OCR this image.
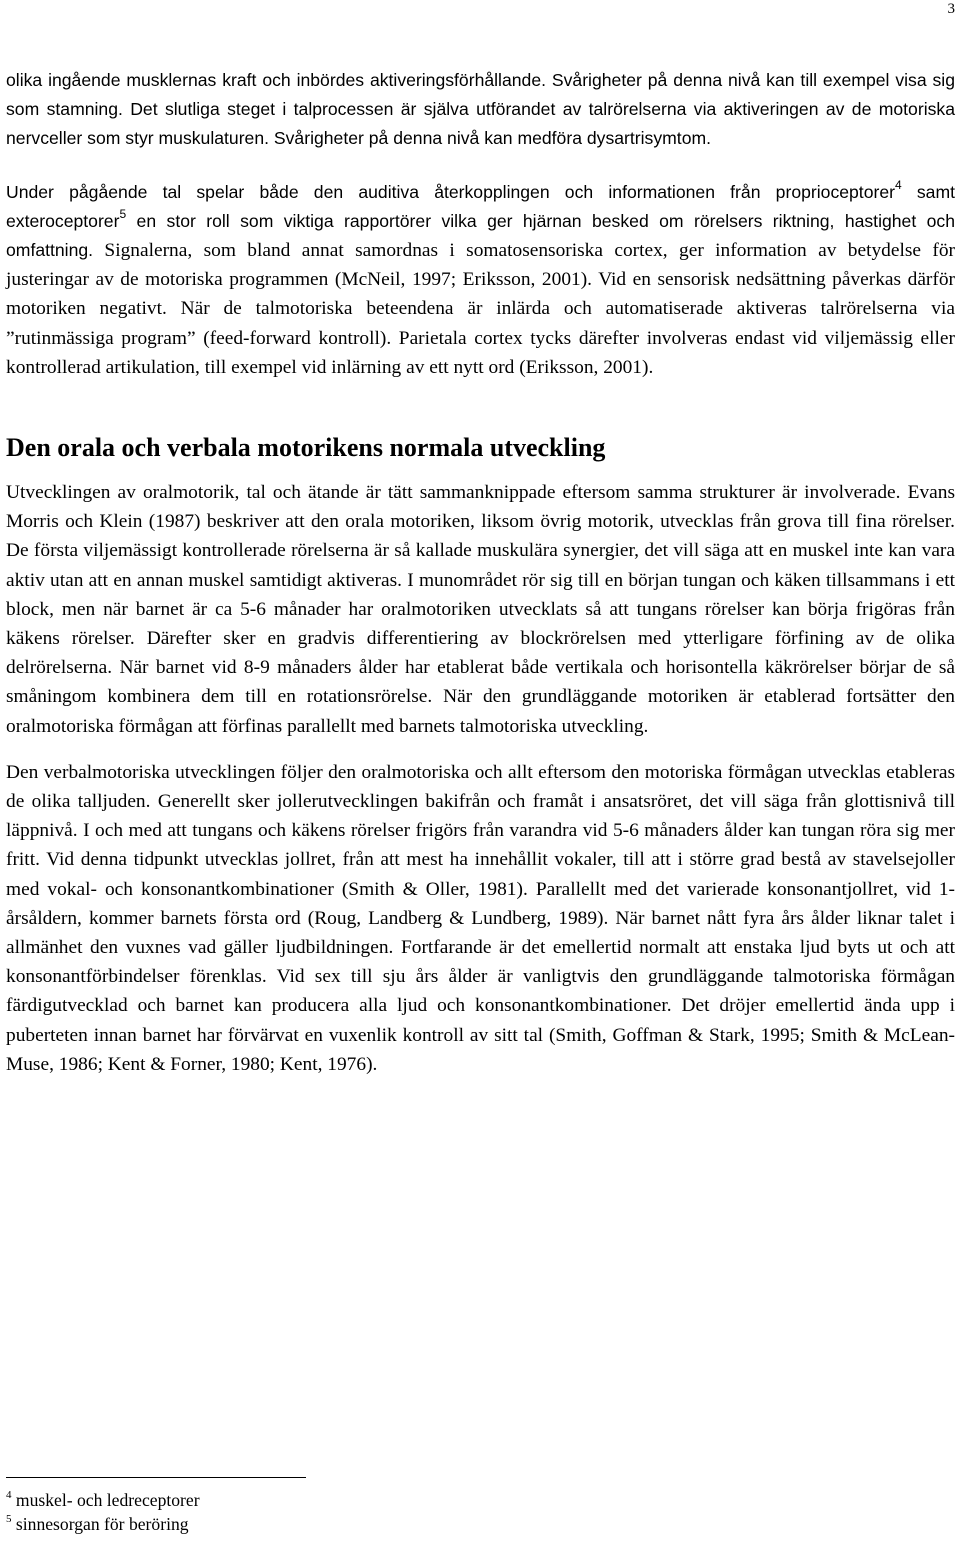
3

olika ingående musklernas kraft och inbördes aktiveringsförhållande. Svårigheter på denna nivå kan till exempel visa sig som stamning. Det slutliga steget i talprocessen är själva utförandet av talrörelserna via aktiveringen av de motoriska nervceller som styr muskulaturen. Svårigheter på denna nivå kan medföra dysartrisymtom.

Under pågående tal spelar både den auditiva återkopplingen och informationen från proprioceptorer$^4$ samt exteroceptorer$^5$ en stor roll som viktiga rapportörer vilka ger hjärnan besked om rörelsers riktning, hastighet och omfattning. Signalerna, som bland annat samordnas i somatosensoriska cortex, ger information av betydelse för justeringar av de motoriska programmen (McNeil, 1997; Eriksson, 2001). Vid en sensorisk nedsättning påverkas därför motoriken negativt. När de talmotoriska beteendena är inlärda och automatiserade aktiveras talrörelserna via ”rutinmässiga program” (feed-forward kontroll). Parietala cortex tycks därefter involveras endast vid viljemässig eller kontrollerad artikulation, till exempel vid inlärning av ett nytt ord (Eriksson, 2001).

Den orala och verbala motorikens normala utveckling

Utvecklingen av oralmotorik, tal och ätande är tätt sammanknippade eftersom samma strukturer är involverade. Evans Morris och Klein (1987) beskriver att den orala motoriken, liksom övrig motorik, utvecklas från grova till fina rörelser. De första viljemässigt kontrollerade rörelserna är så kallade muskulära synergier, det vill säga att en muskel inte kan vara aktiv utan att en annan muskel samtidigt aktiveras. I munområdet rör sig till en början tungan och käken tillsammans i ett block, men när barnet är ca 5-6 månader har oralmotoriken utvecklats så att tungans rörelser kan börja frigöras från käkens rörelser. Därefter sker en gradvis differentiering av blockrörelsen med ytterligare förfining av de olika delrörelserna. När barnet vid 8-9 månaders ålder har etablerat både vertikala och horisontella käkrörelser börjar de så småningom kombinera dem till en rotationsrörelse. När den grundläggande motoriken är etablerad fortsätter den oralmotoriska förmågan att förfinas parallellt med barnets talmotoriska utveckling.

Den verbalmotoriska utvecklingen följer den oralmotoriska och allt eftersom den motoriska förmågan utvecklas etableras de olika talljuden. Generellt sker jollerutvecklingen bakifrån och framåt i ansatsröret, det vill säga från glottisnivå till läppnivå. I och med att tungans och käkens rörelser frigörs från varandra vid 5-6 månaders ålder kan tungan röra sig mer fritt. Vid denna tidpunkt utvecklas jollret, från att mest ha innehållit vokaler, till att i större grad bestå av stavelsejoller med vokal- och konsonantkombinationer (Smith & Oller, 1981). Parallellt med det varierade konsonantjollret, vid 1-årsåldern, kommer barnets första ord (Roug, Landberg & Lundberg, 1989). När barnet nått fyra års ålder liknar talet i allmänhet den vuxnes vad gäller ljudbildningen. Fortfarande är det emellertid normalt att enstaka ljud byts ut och att konsonantförbindelser förenklas. Vid sex till sju års ålder är vanligtvis den grundläggande talmotoriska förmågan färdigutvecklad och barnet kan producera alla ljud och konsonantkombinationer. Det dröjer emellertid ända upp i puberteten innan barnet har förvärvat en vuxenlik kontroll av sitt tal (Smith, Goffman & Stark, 1995; Smith & McLean-Muse, 1986; Kent & Forner, 1980; Kent, 1976).

$^4$ muskel- och ledreceptorer

$^5$ sinnesorgan för beröring
